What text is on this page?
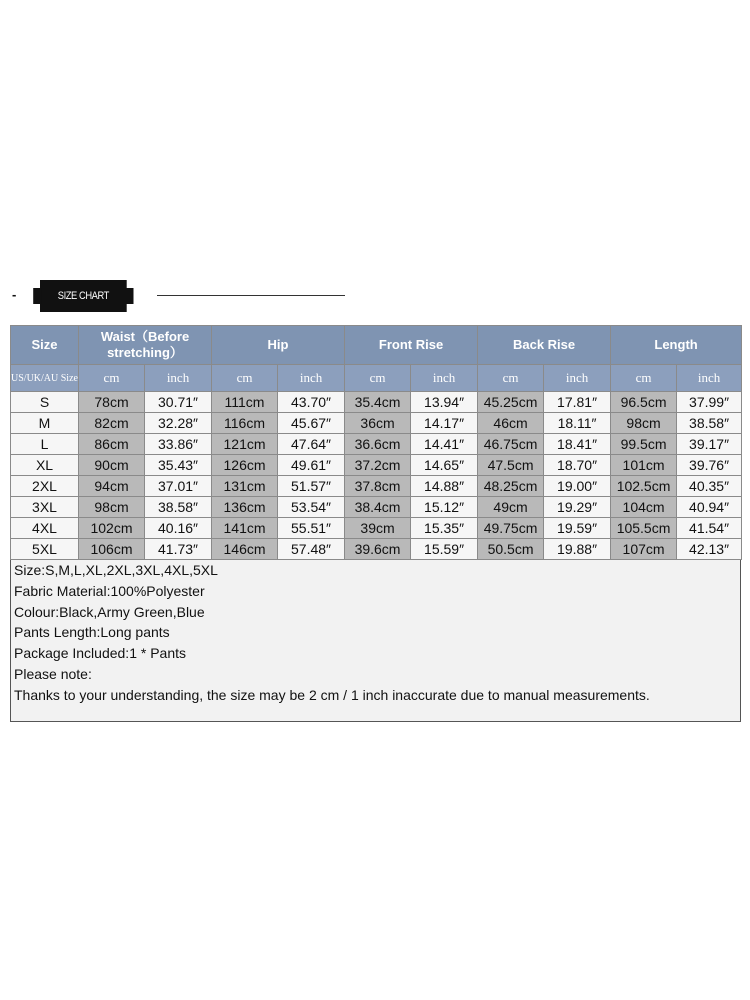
-	SIZE CHART
Size	Waist（Before stretching）		Hip		Front Rise		Back Rise		Length	
US/UK/AU Size	cm	inch	cm	inch	cm	inch	cm	inch	cm	inch
S	78cm	30.71″	111cm	43.70″	35.4cm	13.94″	45.25cm	17.81″	96.5cm	37.99″
M	82cm	32.28″	116cm	45.67″	36cm	14.17″	46cm	18.11″	98cm	38.58″
L	86cm	33.86″	121cm	47.64″	36.6cm	14.41″	46.75cm	18.41″	99.5cm	39.17″
XL	90cm	35.43″	126cm	49.61″	37.2cm	14.65″	47.5cm	18.70″	101cm	39.76″
2XL	94cm	37.01″	131cm	51.57″	37.8cm	14.88″	48.25cm	19.00″	102.5cm	40.35″
3XL	98cm	38.58″	136cm	53.54″	38.4cm	15.12″	49cm	19.29″	104cm	40.94″
4XL	102cm	40.16″	141cm	55.51″	39cm	15.35″	49.75cm	19.59″	105.5cm	41.54″
5XL	106cm	41.73″	146cm	57.48″	39.6cm	15.59″	50.5cm	19.88″	107cm	42.13″
Size:S,M,L,XL,2XL,3XL,4XL,5XL
Fabric Material:100%Polyester
Colour:Black,Army Green,Blue
Pants Length:Long pants
Package Included:1 * Pants
Please note:
Thanks to your understanding, the size may be 2 cm / 1 inch inaccurate due to manual measurements.
